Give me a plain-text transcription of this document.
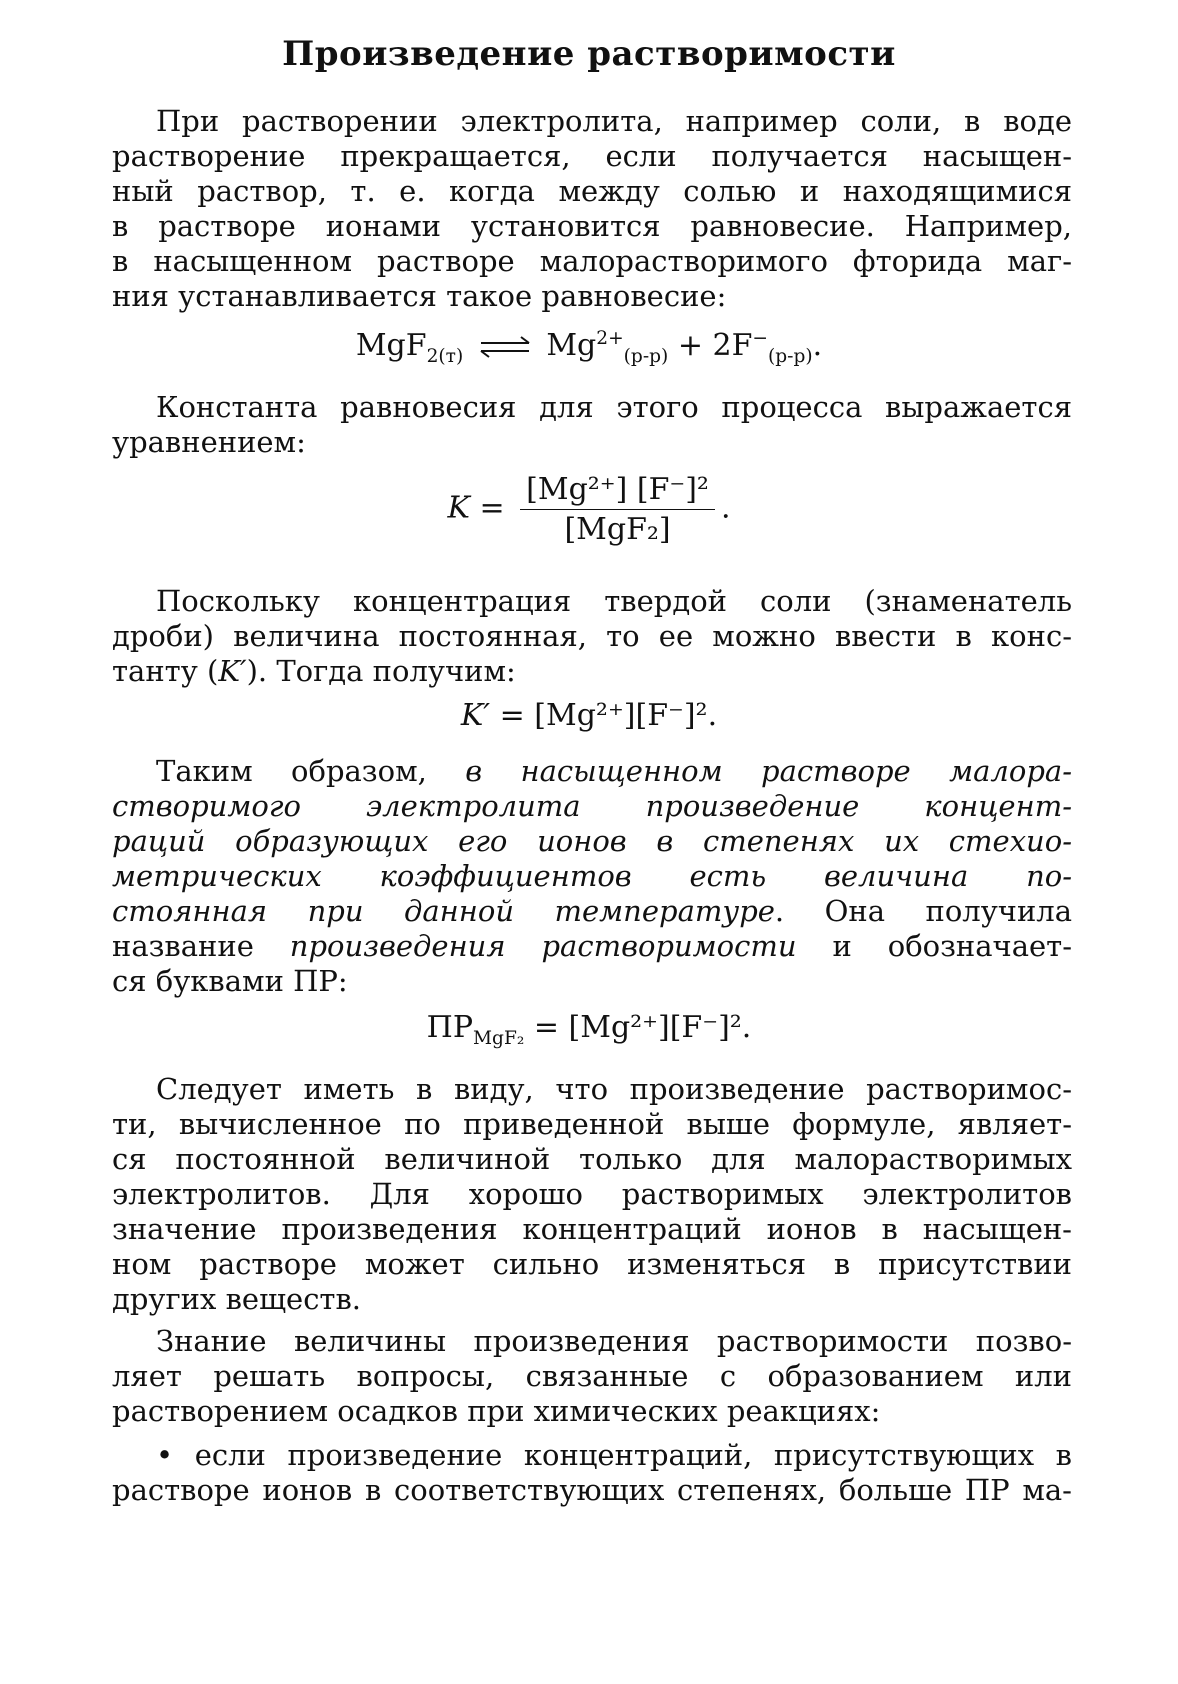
Произведение растворимости
При растворении электролита, например соли, в воде
растворение прекращается, если получается насыщен-
ный раствор, т. е. когда между солью и находящимися
в растворе ионами установится равновесие. Например,
в насыщенном растворе малорастворимого фторида маг-
ния устанавливается такое равновесие:
MgF$_{2(т)}$ ⇌ $Mg^{2+}_{(р-р)} + 2F^-_{(р-р)}$.
Константа равновесия для этого процесса выражается
уравнением:
$K = \frac{\text{[Mg²⁺] [F⁻]²}}{\text{[MgF₂]}}$ .
Поскольку концентрация твердой соли (знаменатель
дроби) величина постоянная, то ее можно ввести в конс-
танту (K′). Тогда получим:
K′ = [Mg²⁺][F⁻]².
Таким образом, в насыщенном растворе малора-
створимого электролита произведение концент-
раций образующих его ионов в степенях их стехио-
метрических коэффициентов есть величина по-
стоянная при данной температуре. Она получила
название произведения растворимости и обозначает-
ся буквами ПР:
$ПР_{MgF_2} = [Mg^{2+}][F^-]^2$.
Следует иметь в виду, что произведение растворимос-
ти, вычисленное по приведенной выше формуле, являет-
ся постоянной величиной только для малорастворимых
электролитов. Для хорошо растворимых электролитов
значение произведения концентраций ионов в насыщен-
ном растворе может сильно изменяться в присутствии
других веществ.
Знание величины произведения растворимости позво-
ляет решать вопросы, связанные с образованием или
растворением осадков при химических реакциях:
• если произведение концентраций, присутствующих в
растворе ионов в соответствующих степенях, больше ПР ма-
